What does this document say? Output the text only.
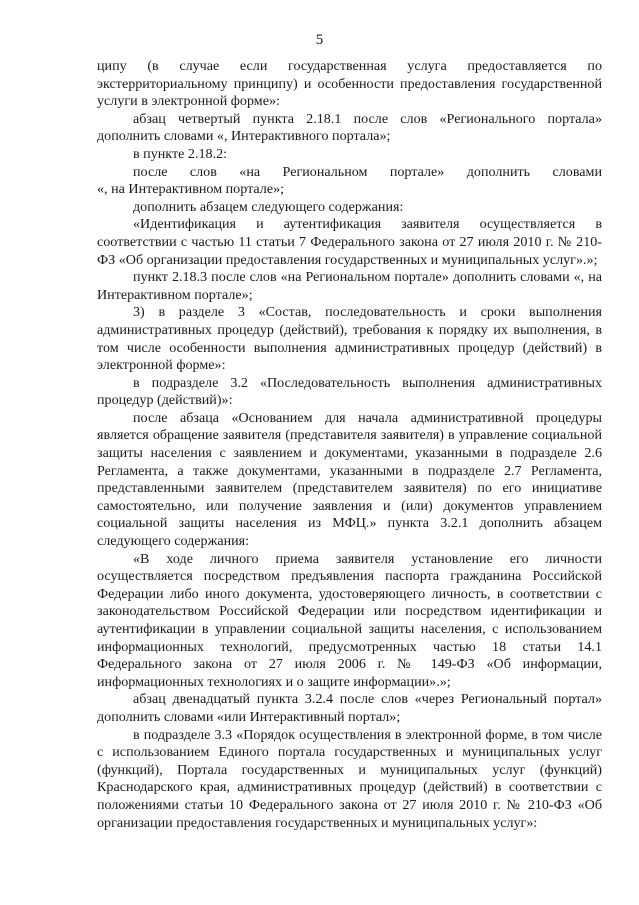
5

ципу (в случае если государственная услуга предоставляется по экстерриториальному принципу) и особенности предоставления государственной услуги в электронной форме»:

абзац четвертый пункта 2.18.1 после слов «Регионального портала» дополнить словами «, Интерактивного портала»;

в пункте 2.18.2:

после слов «на Региональном портале» дополнить словами

«, на Интерактивном портале»;

дополнить абзацем следующего содержания:

«Идентификация и аутентификация заявителя осуществляется в соответствии с частью 11 статьи 7 Федерального закона от 27 июля 2010 г. № 210-ФЗ «Об организации предоставления государственных и муниципальных услуг».»;

пункт 2.18.3 после слов «на Региональном портале» дополнить словами «, на Интерактивном портале»;

3) в разделе 3 «Состав, последовательность и сроки выполнения административных процедур (действий), требования к порядку их выполнения, в том числе особенности выполнения административных процедур (действий) в электронной форме»:

в подразделе 3.2 «Последовательность выполнения административных процедур (действий)»:

после абзаца «Основанием для начала административной процедуры является обращение заявителя (представителя заявителя) в управление социальной защиты населения с заявлением и документами, указанными в подразделе 2.6 Регламента, а также документами, указанными в подразделе 2.7 Регламента, представленными заявителем (представителем заявителя) по его инициативе самостоятельно, или получение заявления и (или) документов управлением социальной защиты населения из МФЦ.» пункта 3.2.1 дополнить абзацем следующего содержания:

«В ходе личного приема заявителя установление его личности осуществляется посредством предъявления паспорта гражданина Российской Федерации либо иного документа, удостоверяющего личность, в соответствии с законодательством Российской Федерации или посредством идентификации и аутентификации в управлении социальной защиты населения, с использованием информационных технологий, предусмотренных частью 18 статьи 14.1 Федерального закона от 27 июля 2006 г. № 149-ФЗ «Об информации, информационных технологиях и о защите информации».»;

абзац двенадцатый пункта 3.2.4 после слов «через Региональный портал» дополнить словами «или Интерактивный портал»;

в подразделе 3.3 «Порядок осуществления в электронной форме, в том числе с использованием Единого портала государственных и муниципальных услуг (функций), Портала государственных и муниципальных услуг (функций) Краснодарского края, административных процедур (действий) в соответствии с положениями статьи 10 Федерального закона от 27 июля 2010 г. № 210-ФЗ «Об организации предоставления государственных и муниципальных услуг»:
